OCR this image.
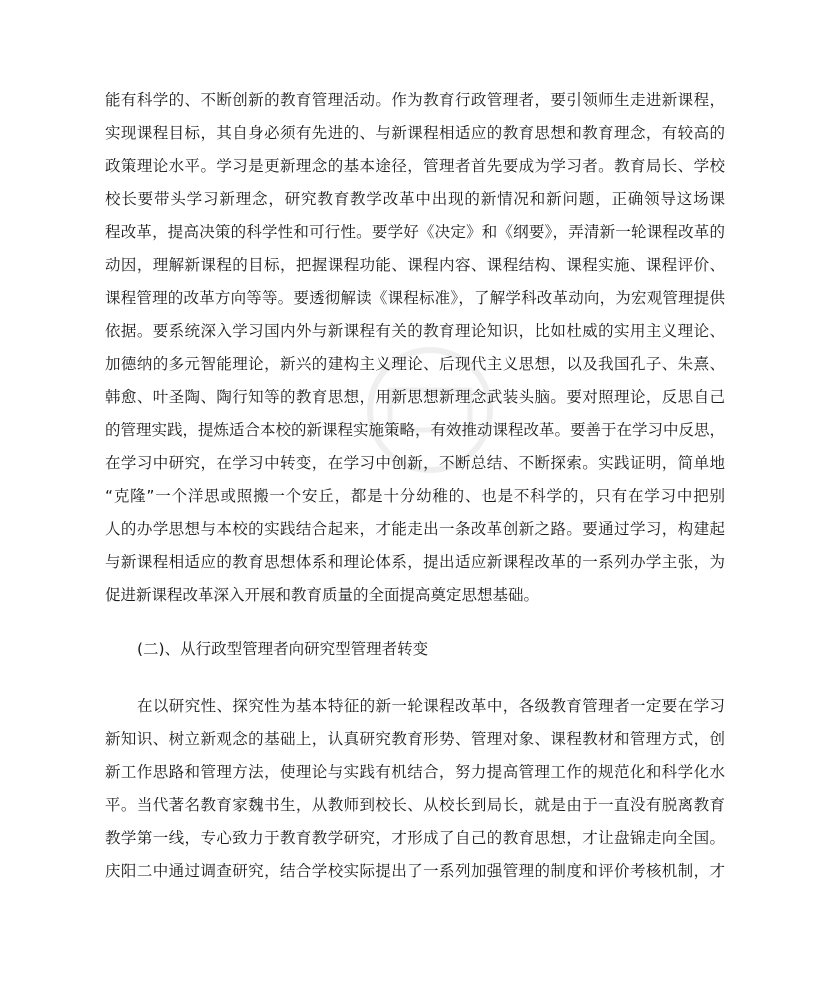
能有科学的、不断创新的教育管理活动。作为教育行政管理者，要引领师生走进新课程，
实现课程目标，其自身必须有先进的、与新课程相适应的教育思想和教育理念，有较高的
政策理论水平。学习是更新理念的基本途径，管理者首先要成为学习者。教育局长、学校
校长要带头学习新理念，研究教育教学改革中出现的新情况和新问题，正确领导这场课
程改革，提高决策的科学性和可行性。要学好《决定》和《纲要》，弄清新一轮课程改革的
动因，理解新课程的目标，把握课程功能、课程内容、课程结构、课程实施、课程评价、
课程管理的改革方向等等。要透彻解读《课程标准》，了解学科改革动向，为宏观管理提供
依据。要系统深入学习国内外与新课程有关的教育理论知识，比如杜威的实用主义理论、
加德纳的多元智能理论，新兴的建构主义理论、后现代主义思想，以及我国孔子、朱熹、
韩愈、叶圣陶、陶行知等的教育思想，用新思想新理念武装头脑。要对照理论，反思自己
的管理实践，提炼适合本校的新课程实施策略，有效推动课程改革。要善于在学习中反思，
在学习中研究，在学习中转变，在学习中创新，不断总结、不断探索。实践证明，简单地
“克隆”一个洋思或照搬一个安丘，都是十分幼稚的、也是不科学的，只有在学习中把别
人的办学思想与本校的实践结合起来，才能走出一条改革创新之路。要通过学习，构建起
与新课程相适应的教育思想体系和理论体系，提出适应新课程改革的一系列办学主张，为
促进新课程改革深入开展和教育质量的全面提高奠定思想基础。
(二)、从行政型管理者向研究型管理者转变
在以研究性、探究性为基本特征的新一轮课程改革中，各级教育管理者一定要在学习
新知识、树立新观念的基础上，认真研究教育形势、管理对象、课程教材和管理方式，创
新工作思路和管理方法，使理论与实践有机结合，努力提高管理工作的规范化和科学化水
平。当代著名教育家魏书生，从教师到校长、从校长到局长，就是由于一直没有脱离教育
教学第一线，专心致力于教育教学研究，才形成了自己的教育思想，才让盘锦走向全国。
庆阳二中通过调查研究，结合学校实际提出了一系列加强管理的制度和评价考核机制，才
